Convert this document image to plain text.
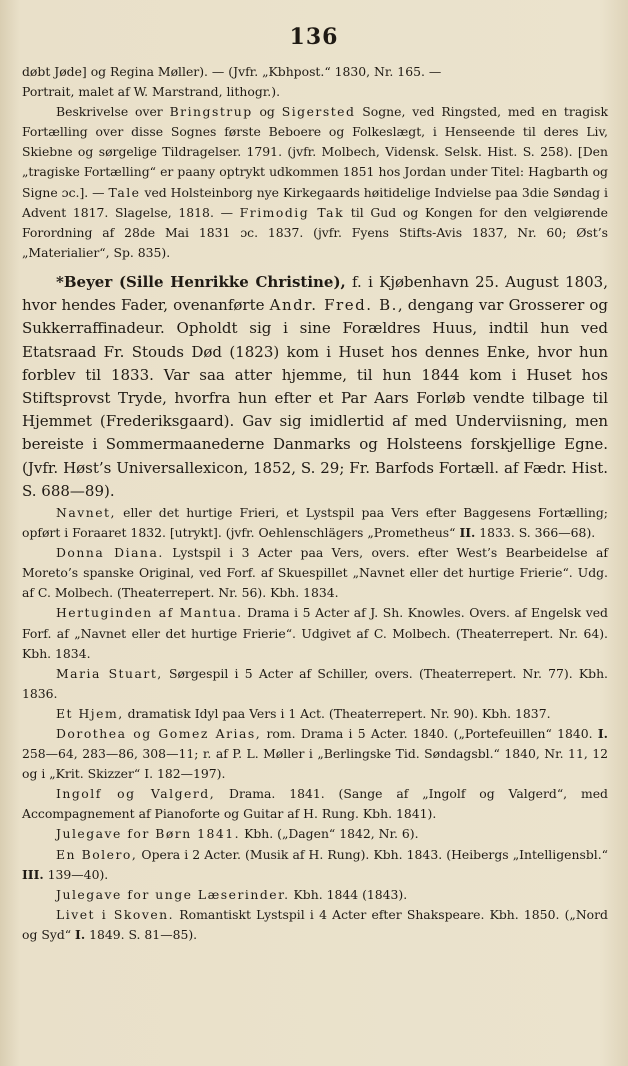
136

døbt Jøde] og Regina Møller). — (Jvfr. „Kbhpost.“ 1830, Nr. 165. —

Portrait, malet af W. Marstrand, lithogr.).

Beskrivelse over Bringstrup og Sigersted Sogne, ved Ringsted, med en tragisk Fortælling over disse Sognes første Beboere og Folkeslægt, i Henseende til deres Liv, Skiebne og sørgelige Tildragelser. 1791. (jvfr. Molbech, Vidensk. Selsk. Hist. S. 258). [Den „tragiske Fortælling“ er paany optrykt udkommen 1851 hos Jordan under Titel: Hagbarth og Signe ɔc.]. — Tale ved Holsteinborg nye Kirkegaards høitidelige Indvielse paa 3die Søndag i Advent 1817. Slagelse, 1818. — Frimodig Tak til Gud og Kongen for den velgiørende Forordning af 28de Mai 1831 ɔc. 1837. (jvfr. Fyens Stifts-Avis 1837, Nr. 60; Øst’s „Materialier“, Sp. 835).

*Beyer (Sille Henrikke Christine), f. i Kjøbenhavn 25. August 1803, hvor hendes Fader, ovenanførte Andr. Fred. B., dengang var Grosserer og Sukkerraffinadeur. Opholdt sig i sine Forældres Huus, indtil hun ved Etatsraad Fr. Stouds Død (1823) kom i Huset hos dennes Enke, hvor hun forblev til 1833. Var saa atter hjemme, til hun 1844 kom i Huset hos Stiftsprovst Tryde, hvorfra hun efter et Par Aars Forløb vendte tilbage til Hjemmet (Frederiksgaard). Gav sig imidlertid af med Underviisning, men bereiste i Sommermaanederne Danmarks og Holsteens forskjellige Egne. (Jvfr. Høst’s Universallexicon, 1852, S. 29; Fr. Barfods Fortæll. af Fædr. Hist. S. 688—89).

Navnet, eller det hurtige Frieri, et Lystspil paa Vers efter Baggesens Fortælling; opført i Foraaret 1832. [utrykt]. (jvfr. Oehlenschlägers „Prometheus“ II. 1833. S. 366—68).

Donna Diana. Lystspil i 3 Acter paa Vers, overs. efter West’s Bearbeidelse af Moreto’s spanske Original, ved Forf. af Skuespillet „Navnet eller det hurtige Frierie“. Udg. af C. Molbech. (Theaterrepert. Nr. 56). Kbh. 1834.

Hertuginden af Mantua. Drama i 5 Acter af J. Sh. Knowles. Overs. af Engelsk ved Forf. af „Navnet eller det hurtige Frierie“. Udgivet af C. Molbech. (Theaterrepert. Nr. 64). Kbh. 1834.

Maria Stuart, Sørgespil i 5 Acter af Schiller, overs. (Theaterrepert. Nr. 77). Kbh. 1836.

Et Hjem, dramatisk Idyl paa Vers i 1 Act. (Theaterrepert. Nr. 90). Kbh. 1837.

Dorothea og Gomez Arias, rom. Drama i 5 Acter. 1840. („Portefeuillen“ 1840. I. 258—64, 283—86, 308—11; r. af P. L. Møller i „Berlingske Tid. Søndagsbl.“ 1840, Nr. 11, 12 og i „Krit. Skizzer“ I. 182—197).

Ingolf og Valgerd, Drama. 1841. (Sange af „Ingolf og Valgerd“, med Accompagnement af Pianoforte og Guitar af H. Rung. Kbh. 1841).

Julegave for Børn 1841. Kbh. („Dagen“ 1842, Nr. 6).

En Bolero, Opera i 2 Acter. (Musik af H. Rung). Kbh. 1843. (Heibergs „Intelligensbl.“ III. 139—40).

Julegave for unge Læserinder. Kbh. 1844 (1843).

Livet i Skoven. Romantiskt Lystspil i 4 Acter efter Shakspeare. Kbh. 1850. („Nord og Syd“ I. 1849. S. 81—85).
